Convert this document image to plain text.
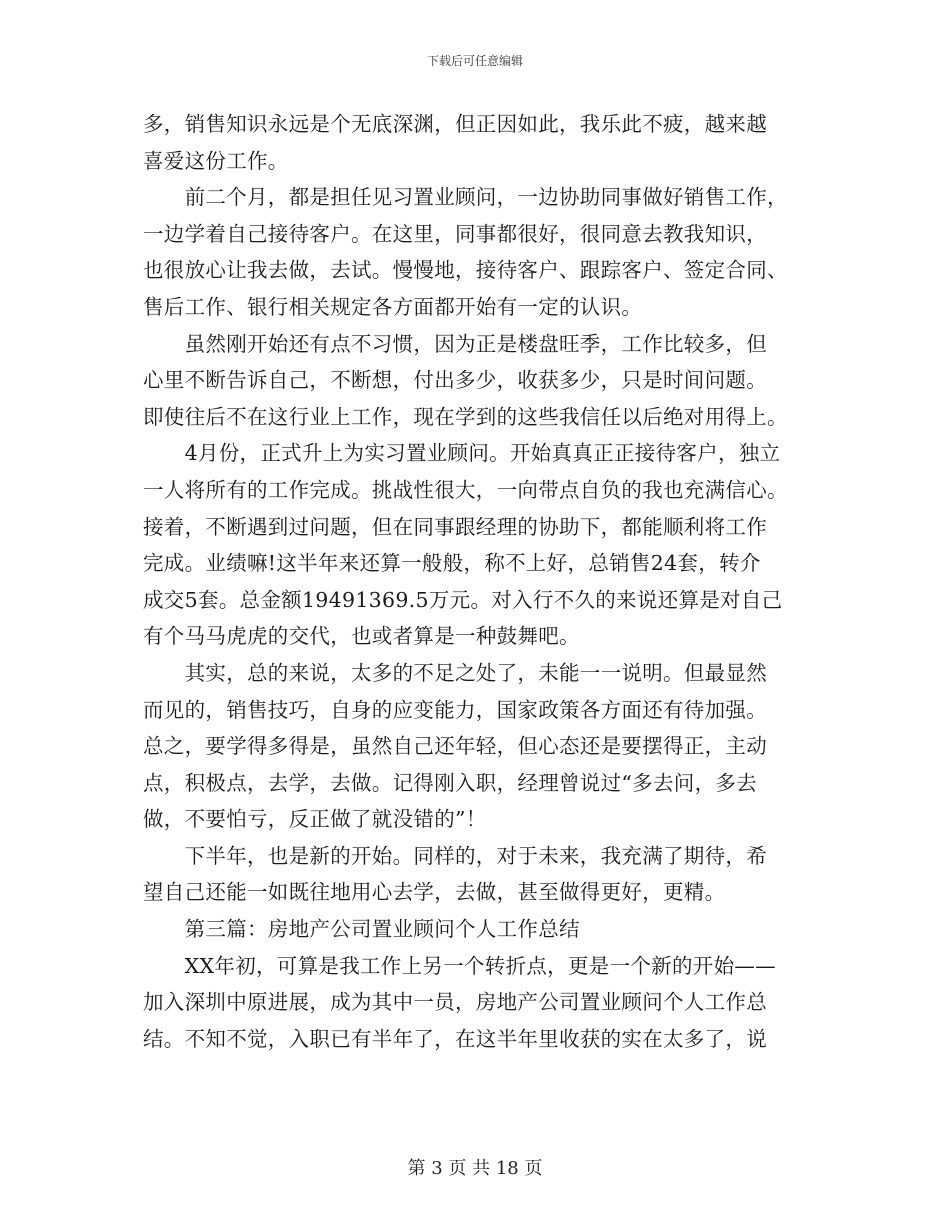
下载后可任意编辑
多，销售知识永远是个无底深渊，但正因如此，我乐此不疲，越来越
喜爱这份工作。
　　前二个月，都是担任见习置业顾问，一边协助同事做好销售工作，
一边学着自己接待客户。在这里，同事都很好，很同意去教我知识，
也很放心让我去做，去试。慢慢地，接待客户、跟踪客户、签定合同、
售后工作、银行相关规定各方面都开始有一定的认识。
　　虽然刚开始还有点不习惯，因为正是楼盘旺季，工作比较多，但
心里不断告诉自己，不断想，付出多少，收获多少，只是时间问题。
即使往后不在这行业上工作，现在学到的这些我信任以后绝对用得上。
　　4月份，正式升上为实习置业顾问。开始真真正正接待客户，独立
一人将所有的工作完成。挑战性很大，一向带点自负的我也充满信心。
接着，不断遇到过问题，但在同事跟经理的协助下，都能顺利将工作
完成。业绩嘛!这半年来还算一般般，称不上好，总销售24套，转介
成交5套。总金额19491369.5万元。对入行不久的来说还算是对自己
有个马马虎虎的交代，也或者算是一种鼓舞吧。
　　其实，总的来说，太多的不足之处了，未能一一说明。但最显然
而见的，销售技巧，自身的应变能力，国家政策各方面还有待加强。
总之，要学得多得是，虽然自己还年轻，但心态还是要摆得正，主动
点，积极点，去学，去做。记得刚入职，经理曾说过“多去问，多去
做，不要怕亏，反正做了就没错的”！
　　下半年，也是新的开始。同样的，对于未来，我充满了期待，希
望自己还能一如既往地用心去学，去做，甚至做得更好，更精。
　　第三篇：房地产公司置业顾问个人工作总结
　　XX年初，可算是我工作上另一个转折点，更是一个新的开始——
加入深圳中原进展，成为其中一员，房地产公司置业顾问个人工作总
结。不知不觉，入职已有半年了，在这半年里收获的实在太多了，说
第 3 页 共 18 页
